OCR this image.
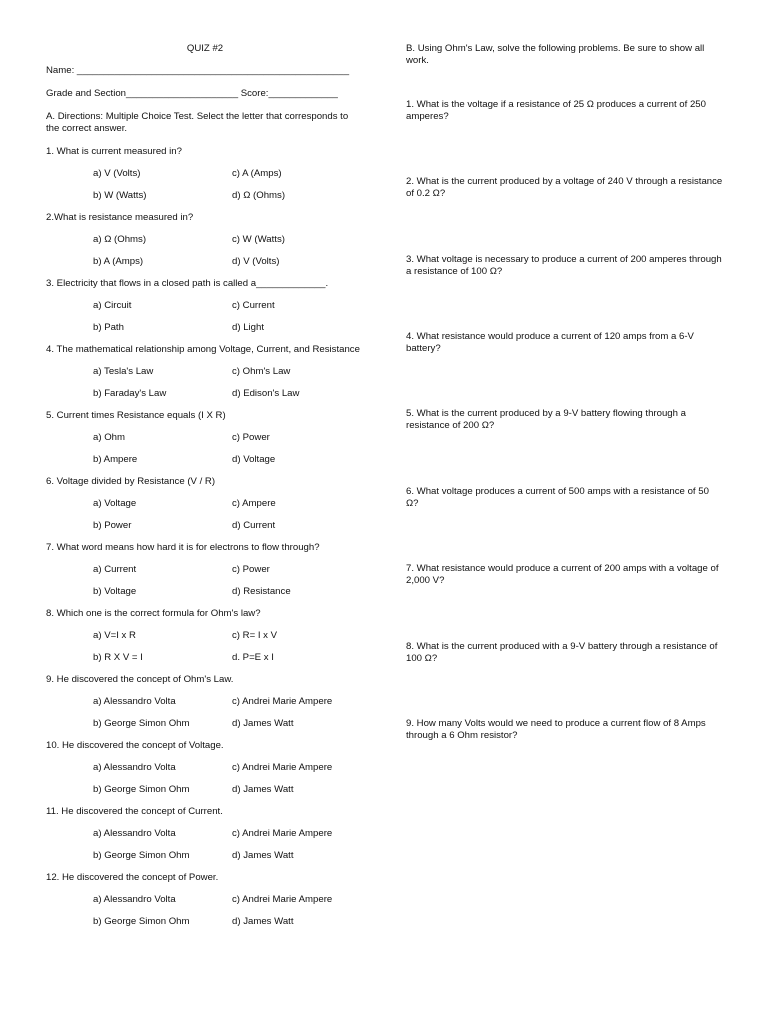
QUIZ #2
Name: ___________________________________________________
Grade and Section_____________________ Score:_____________
A. Directions: Multiple Choice Test. Select the letter that corresponds to the correct answer.
1. What is current measured in?
a) V (Volts)	c) A (Amps)
b) W (Watts)	d) Ω (Ohms)
2.What is resistance measured in?
a) Ω (Ohms)	c) W (Watts)
b) A (Amps)	d) V (Volts)
3. Electricity that flows in a closed path is called a_____________.
a) Circuit	c) Current
b) Path	d) Light
4. The mathematical relationship among Voltage, Current, and Resistance
a) Tesla's Law	c) Ohm's Law
b) Faraday's Law	d) Edison's Law
5. Current times Resistance equals (I X R)
a) Ohm	c) Power
b) Ampere	d) Voltage
6. Voltage divided by Resistance (V / R)
a) Voltage	c) Ampere
b) Power	d) Current
7. What word means how hard it is for electrons to flow through?
a) Current	c) Power
b) Voltage	d) Resistance
8. Which one is the correct formula for Ohm's law?
a) V=I x R	c) R= I x V
b) R X V = I	d. P=E x I
9. He discovered the concept of Ohm's Law.
a) Alessandro Volta	c) Andrei Marie Ampere
b) George Simon Ohm	d) James Watt
10. He discovered the concept of Voltage.
a) Alessandro Volta	c) Andrei Marie Ampere
b) George Simon Ohm	d) James Watt
11. He discovered the concept of Current.
a) Alessandro Volta	c) Andrei Marie Ampere
b) George Simon Ohm	d) James Watt
12. He discovered the concept of Power.
a) Alessandro Volta	c) Andrei Marie Ampere
b) George Simon Ohm	d) James Watt
B. Using Ohm's Law, solve the following problems. Be sure to show all work.
1. What is the voltage if a resistance of 25 Ω produces a current of 250 amperes?
2. What is the current produced by a voltage of 240 V through a resistance of 0.2 Ω?
3. What voltage is necessary to produce a current of 200 amperes through a resistance of 100 Ω?
4. What resistance would produce a current of 120 amps from a 6-V battery?
5. What is the current produced by a 9-V battery flowing through a resistance of 200 Ω?
6. What voltage produces a current of 500 amps with a resistance of 50 Ω?
7. What resistance would produce a current of 200 amps with a voltage of 2,000 V?
8. What is the current produced with a 9-V battery through a resistance of 100 Ω?
9. How many Volts would we need to produce a current flow of 8 Amps through a 6 Ohm resistor?
